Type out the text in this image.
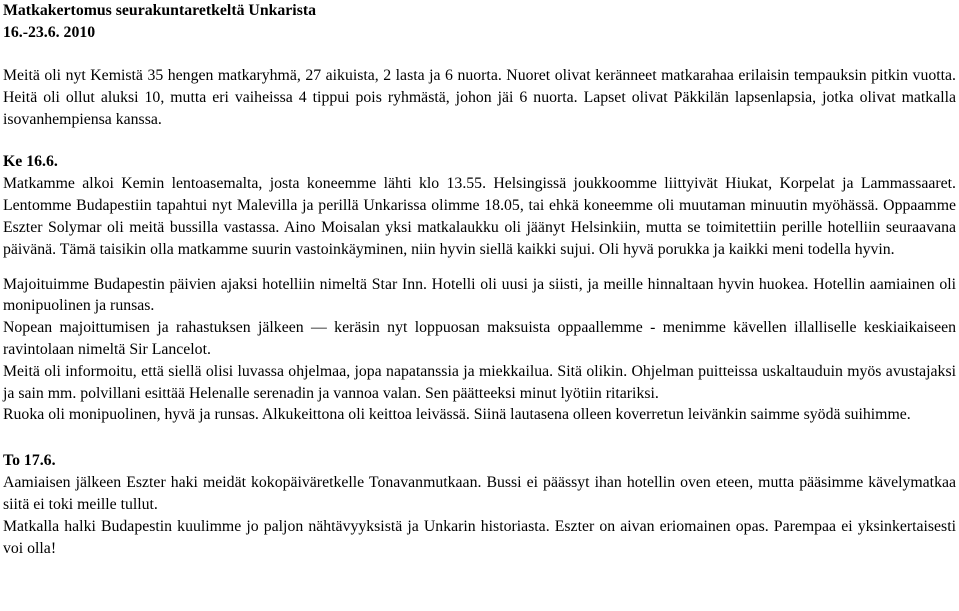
Matkakertomus seurakuntaretkeltä Unkarista

16.-23.6. 2010

Meitä oli nyt Kemistä 35 hengen matkaryhmä, 27 aikuista, 2 lasta ja 6 nuorta. Nuoret olivat keränneet matkarahaa erilaisin tempauksin pitkin vuotta. Heitä oli ollut aluksi 10, mutta eri vaiheissa 4 tippui pois ryhmästä, johon jäi 6 nuorta. Lapset olivat Päkkilän lapsenlapsia, jotka olivat matkalla isovanhempiensa kanssa.

Ke 16.6.

Matkamme alkoi Kemin lentoasemalta, josta koneemme lähti klo 13.55. Helsingissä joukkoomme liittyivät Hiukat, Korpelat ja Lammassaaret. Lentomme Budapestiin tapahtui nyt Malevilla ja perillä Unkarissa olimme 18.05, tai ehkä koneemme oli muutaman minuutin myöhässä. Oppaamme Eszter Solymar oli meitä bussilla vastassa. Aino Moisalan yksi matkalaukku oli jäänyt Helsinkiin, mutta se toimitettiin perille hotelliin seuraavana päivänä. Tämä taisikin olla matkamme suurin vastoinkäyminen, niin hyvin siellä kaikki sujui. Oli hyvä porukka ja kaikki meni todella hyvin.

Majoituimme Budapestin päivien ajaksi hotelliin nimeltä Star Inn. Hotelli oli uusi ja siisti, ja meille hinnaltaan hyvin huokea. Hotellin aamiainen oli monipuolinen ja runsas.

Nopean majoittumisen ja rahastuksen jälkeen — keräsin nyt loppuosan maksuista oppaallemme - menimme kävellen illalliselle keskiaikaiseen ravintolaan nimeltä Sir Lancelot.

Meitä oli informoitu, että siellä olisi luvassa ohjelmaa, jopa napatanssia ja miekkailua. Sitä olikin. Ohjelman puitteissa uskaltauduin myös avustajaksi ja sain mm. polvillani esittää Helenalle serenadin ja vannoa valan. Sen päätteeksi minut lyötiin ritariksi.

Ruoka oli monipuolinen, hyvä ja runsas. Alkukeittona oli keittoa leivässä. Siinä lautasena olleen koverretun leivänkin saimme syödä suihimme.

To 17.6.

Aamiaisen jälkeen Eszter haki meidät kokopäiväretkelle Tonavanmutkaan. Bussi ei päässyt ihan hotellin oven eteen, mutta pääsimme kävelymatkaa siitä ei toki meille tullut.

Matkalla halki Budapestin kuulimme jo paljon nähtävyyksistä ja Unkarin historiasta. Eszter on aivan eriomainen opas. Parempaa ei yksinkertaisesti voi olla!
